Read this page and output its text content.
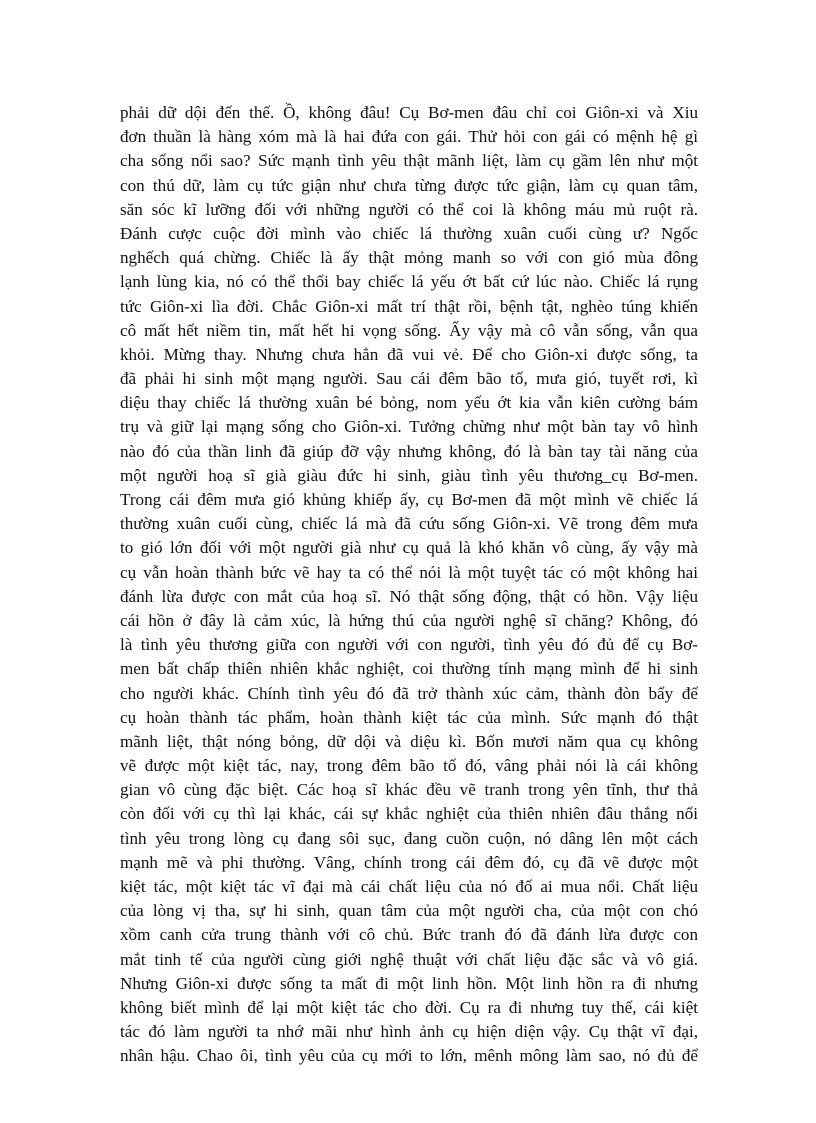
phải dữ dội đến thế. Ồ, không đâu! Cụ Bơ-men đâu chỉ coi Giôn-xi và Xiu
đơn thuần là hàng xóm mà là hai đứa con gái. Thử hỏi con gái có mệnh hệ gì
cha sống nổi sao? Sức mạnh tình yêu thật mãnh liệt, làm cụ gầm lên như một
con thú dữ, làm cụ tức giận như chưa từng được tức giận, làm cụ quan tâm,
săn sóc kĩ lưỡng đối với những người có thể coi là không máu mủ ruột rà.
Đánh cược cuộc đời mình vào chiếc lá thường xuân cuối cùng ư? Ngốc
nghếch quá chừng. Chiếc là ấy thật mỏng manh so với con gió mùa đông
lạnh lùng kia, nó có thể thổi bay chiếc lá yếu ớt bất cứ lúc nào. Chiếc lá rụng
tức Giôn-xi lìa đời. Chắc Giôn-xi mất trí thật rồi, bệnh tật, nghèo túng khiến
cô mất hết niềm tin, mất hết hi vọng sống. Ấy vậy mà cô vẫn sống, vẫn qua
khỏi. Mừng thay. Nhưng chưa hẳn đã vui vẻ. Để cho Giôn-xi được sống, ta
đã phải hi sinh một mạng người. Sau cái đêm bão tố, mưa gió, tuyết rơi, kì
diệu thay chiếc lá thường xuân bé bỏng, nom yếu ớt kia vẫn kiên cường bám
trụ và giữ lại mạng sống cho Giôn-xi. Tưởng chừng như một bàn tay vô hình
nào đó của thần linh đã giúp đỡ vậy nhưng không, đó là bàn tay tài năng của
một người hoạ sĩ già giàu đức hi sinh, giàu tình yêu thương_cụ Bơ-men.
Trong cái đêm mưa gió khủng khiếp ấy, cụ Bơ-men đã một mình vẽ chiếc lá
thường xuân cuối cùng, chiếc lá mà đã cứu sống Giôn-xi. Vẽ trong đêm mưa
to gió lớn đối với một người già như cụ quả là khó khăn vô cùng, ấy vậy mà
cụ vẫn hoàn thành bức vẽ hay ta có thể nói là một tuyệt tác có một không hai
đánh lừa được con mắt của hoạ sĩ. Nó thật sống động, thật có hồn. Vậy liệu
cái hồn ở đây là cảm xúc, là hứng thú của người nghệ sĩ chăng? Không, đó
là tình yêu thương giữa con người với con người, tình yêu đó đủ để cụ Bơ-
men bất chấp thiên nhiên khắc nghiệt, coi thường tính mạng mình để hi sinh
cho người khác. Chính tình yêu đó đã trở thành xúc cảm, thành đòn bẩy để
cụ hoàn thành tác phẩm, hoàn thành kiệt tác của mình. Sức mạnh đó thật
mãnh liệt, thật nóng bỏng, dữ dội và diệu kì. Bốn mươi năm qua cụ không
vẽ được một kiệt tác, nay, trong đêm bão tố đó, vâng phải nói là cái không
gian vô cùng đặc biệt. Các hoạ sĩ khác đều vẽ tranh trong yên tĩnh, thư thả
còn đối với cụ thì lại khác, cái sự khắc nghiệt của thiên nhiên đâu thắng nổi
tình yêu trong lòng cụ đang sôi sục, đang cuồn cuộn, nó dâng lên một cách
mạnh mẽ và phi thường. Vâng, chính trong cái đêm đó, cụ đã vẽ được một
kiệt tác, một kiệt tác vĩ đại mà cái chất liệu của nó đố ai mua nổi. Chất liệu
của lòng vị tha, sự hi sinh, quan tâm của một người cha, của một con chó
xồm canh cửa trung thành với cô chủ. Bức tranh đó đã đánh lừa được con
mắt tinh tế của người cùng giới nghệ thuật với chất liệu đặc sắc và vô giá.
Nhưng Giôn-xi được sống ta mất đi một linh hồn. Một linh hồn ra đi nhưng
không biết mình để lại một kiệt tác cho đời. Cụ ra đi nhưng tuy thế, cái kiệt
tác đó làm người ta nhớ mãi như hình ảnh cụ hiện diện vậy. Cụ thật vĩ đại,
nhân hậu. Chao ôi, tình yêu của cụ mới to lớn, mênh mông làm sao, nó đủ để
